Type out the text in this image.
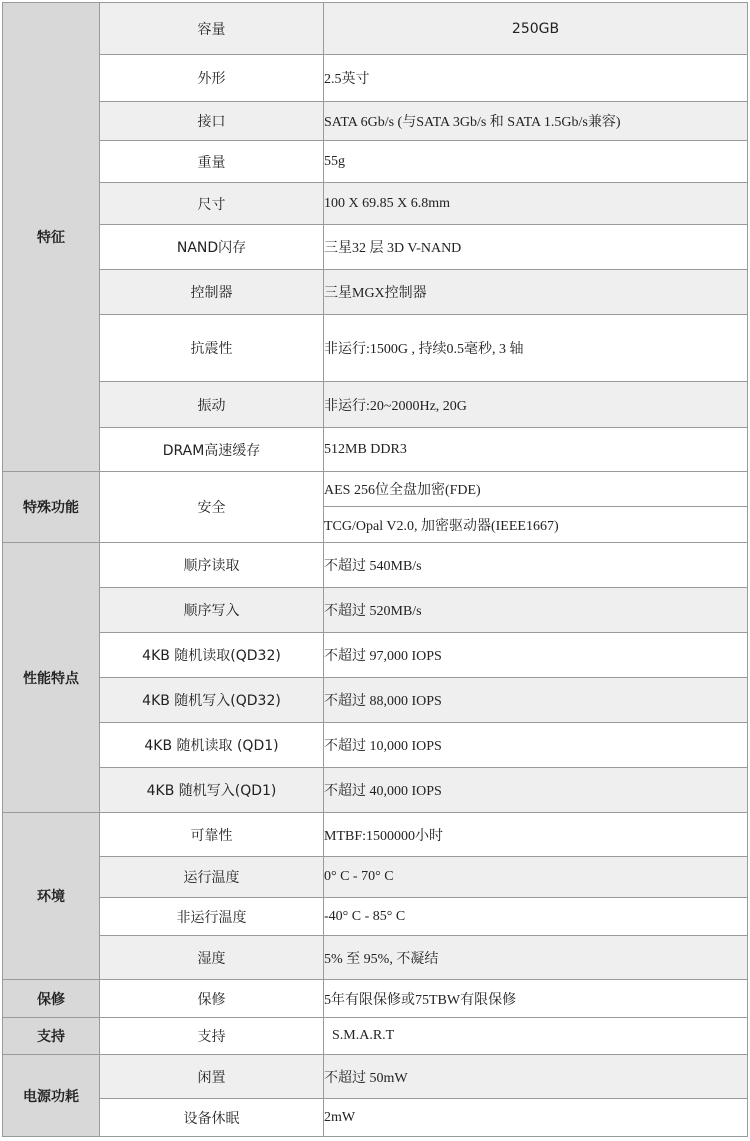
特征	容量	250GB
	外形	2.5英寸
	接口	SATA 6Gb/s (与SATA 3Gb/s 和 SATA 1.5Gb/s兼容)
	重量	55g
	尺寸	100 X 69.85 X 6.8mm
	NAND闪存	三星32 层 3D V-NAND
	控制器	三星MGX控制器
	抗震性	非运行:1500G , 持续0.5毫秒, 3 轴
	振动	非运行:20~2000Hz, 20G
	DRAM高速缓存	512MB DDR3
特殊功能	安全	AES 256位全盘加密(FDE)
		TCG/Opal V2.0, 加密驱动器(IEEE1667)
性能特点	顺序读取	不超过 540MB/s
	顺序写入	不超过 520MB/s
	4KB 随机读取(QD32)	不超过 97,000 IOPS
	4KB 随机写入(QD32)	不超过 88,000 IOPS
	4KB 随机读取 (QD1)	不超过 10,000 IOPS
	4KB 随机写入(QD1)	不超过 40,000 IOPS
环境	可靠性	MTBF:1500000小时
	运行温度	0° C - 70° C
	非运行温度	-40° C - 85° C
	湿度	5% 至 95%, 不凝结
保修	保修	5年有限保修或75TBW有限保修
支持	支持	S.M.A.R.T
电源功耗	闲置	不超过 50mW
	设备休眠	2mW
